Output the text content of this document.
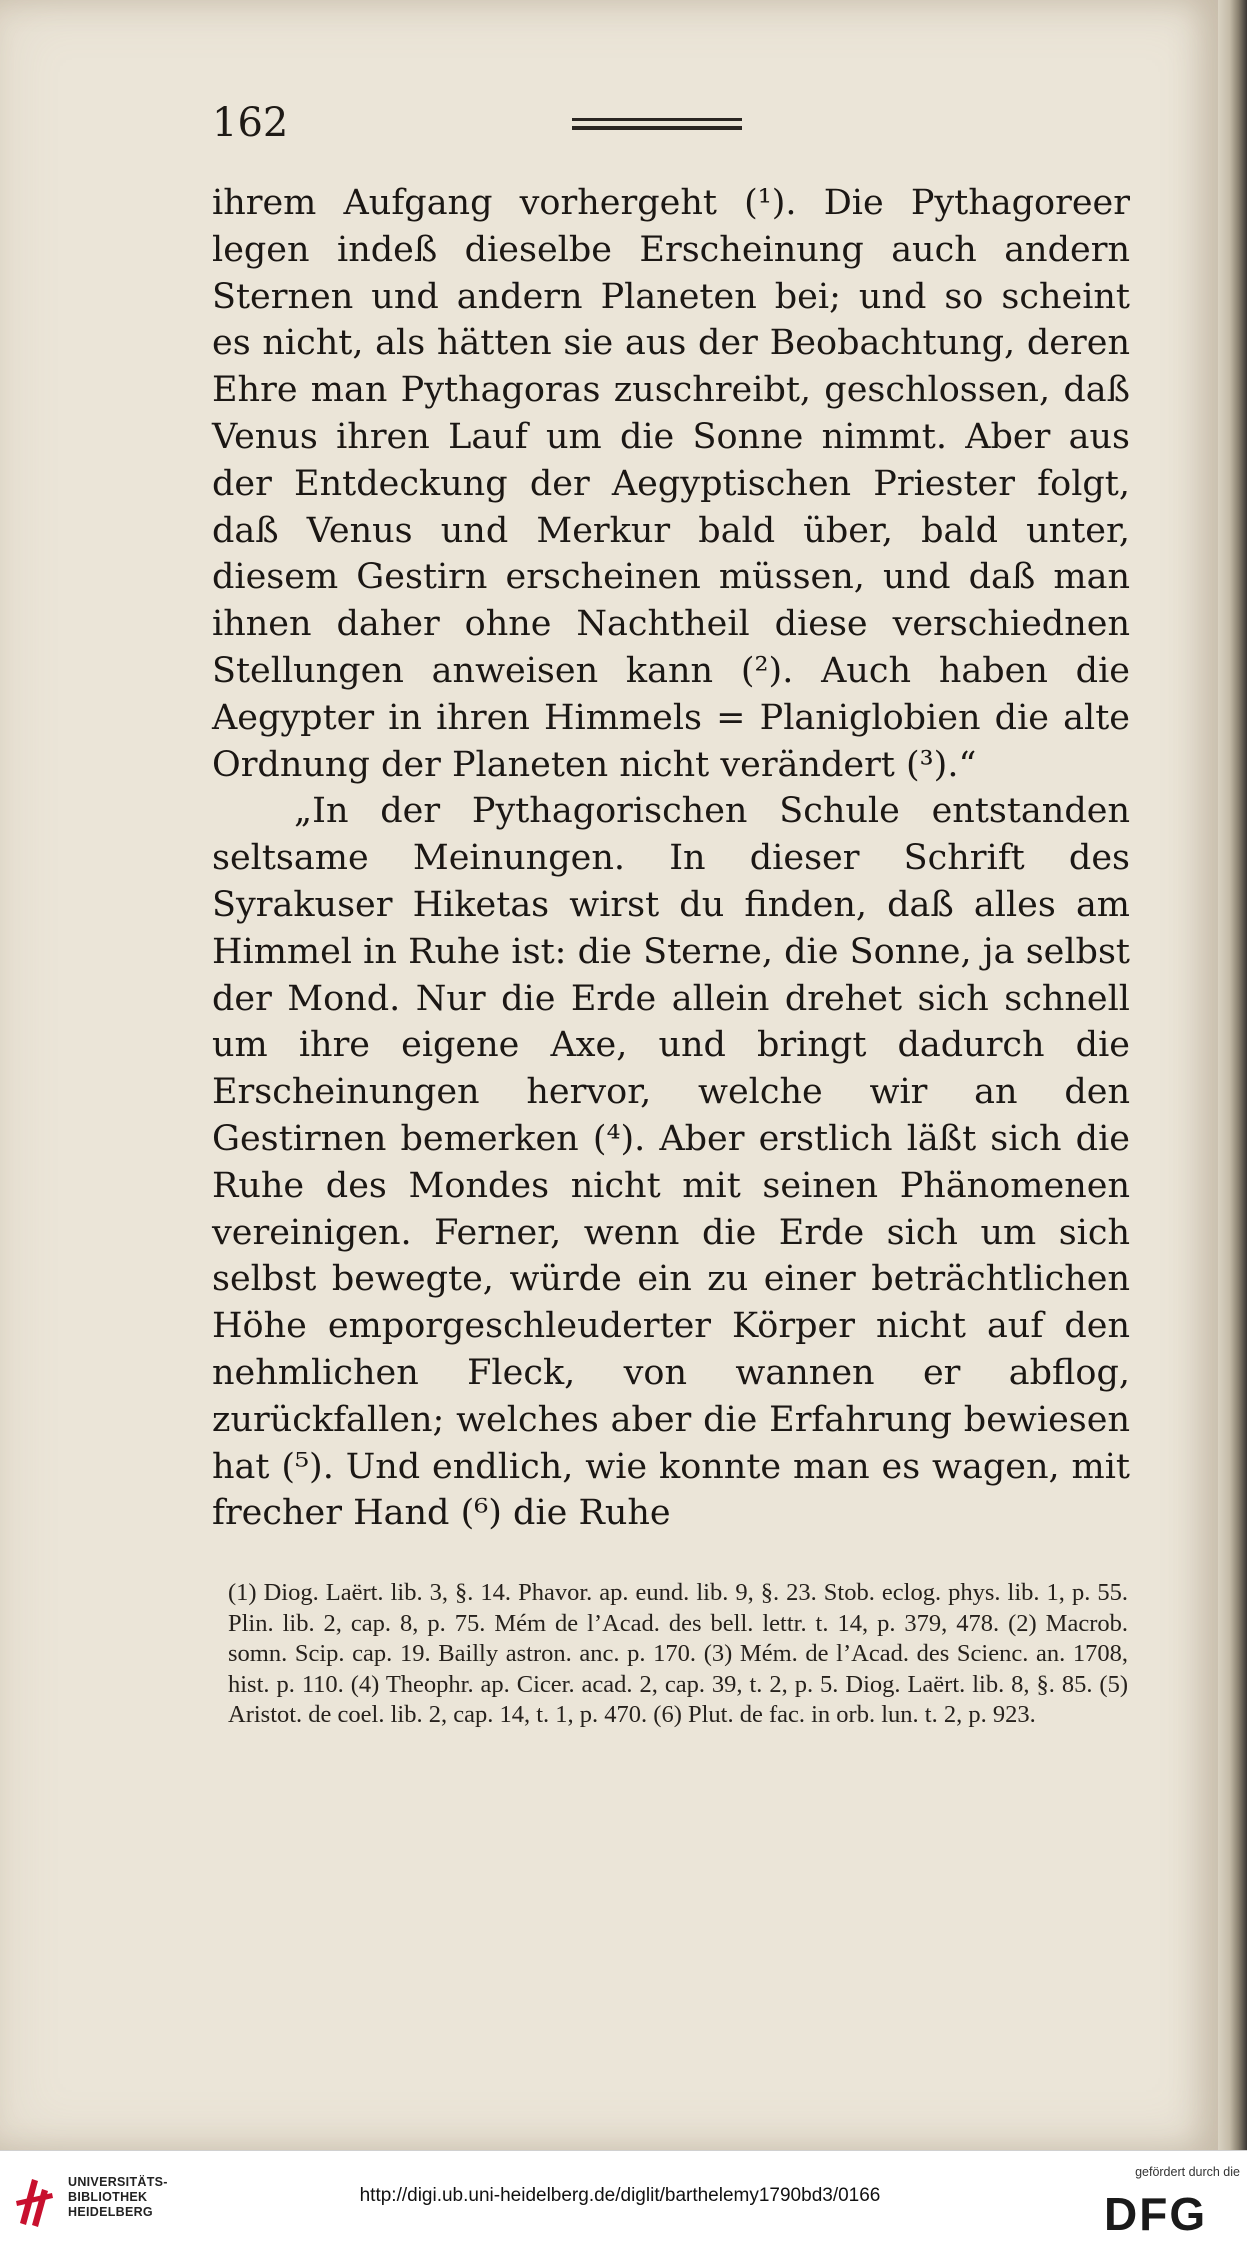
162

ihrem Aufgang vorhergeht (¹). Die Pythagoreer legen indeß dieselbe Erscheinung auch andern Sternen und andern Planeten bei; und so scheint es nicht, als hätten sie aus der Beobachtung, deren Ehre man Pythagoras zuschreibt, geschlossen, daß Venus ihren Lauf um die Sonne nimmt. Aber aus der Entdeckung der Aegyptischen Priester folgt, daß Venus und Merkur bald über, bald unter, diesem Gestirn erscheinen müssen, und daß man ihnen daher ohne Nachtheil diese verschiednen Stellungen anweisen kann (²). Auch haben die Aegypter in ihren Himmels = Planiglobien die alte Ordnung der Planeten nicht verändert (³).“

„In der Pythagorischen Schule entstanden seltsame Meinungen. In dieser Schrift des Syrakuser Hiketas wirst du finden, daß alles am Himmel in Ruhe ist: die Sterne, die Sonne, ja selbst der Mond. Nur die Erde allein drehet sich schnell um ihre eigene Axe, und bringt dadurch die Erscheinungen hervor, welche wir an den Gestirnen bemerken (⁴). Aber erstlich läßt sich die Ruhe des Mondes nicht mit seinen Phänomenen vereinigen. Ferner, wenn die Erde sich um sich selbst bewegte, würde ein zu einer beträchtlichen Höhe emporgeschleuderter Körper nicht auf den nehmlichen Fleck, von wannen er abflog, zurückfallen; welches aber die Erfahrung bewiesen hat (⁵). Und endlich, wie konnte man es wagen, mit frecher Hand (⁶) die Ruhe

(1) Diog. Laërt. lib. 3, §. 14. Phavor. ap. eund. lib. 9, §. 23. Stob. eclog. phys. lib. 1, p. 55. Plin. lib. 2, cap. 8, p. 75. Mém de l’Acad. des bell. lettr. t. 14, p. 379, 478. (2) Macrob. somn. Scip. cap. 19. Bailly astron. anc. p. 170. (3) Mém. de l’Acad. des Scienc. an. 1708, hist. p. 110. (4) Theophr. ap. Cicer. acad. 2, cap. 39, t. 2, p. 5. Diog. Laërt. lib. 8, §. 85. (5) Aristot. de coel. lib. 2, cap. 14, t. 1, p. 470. (6) Plut. de fac. in orb. lun. t. 2, p. 923.

UNIVERSITÄTS-
BIBLIOTHEK
HEIDELBERG
http://digi.ub.uni-heidelberg.de/diglit/barthelemy1790bd3/0166
gefördert durch die
DFG
